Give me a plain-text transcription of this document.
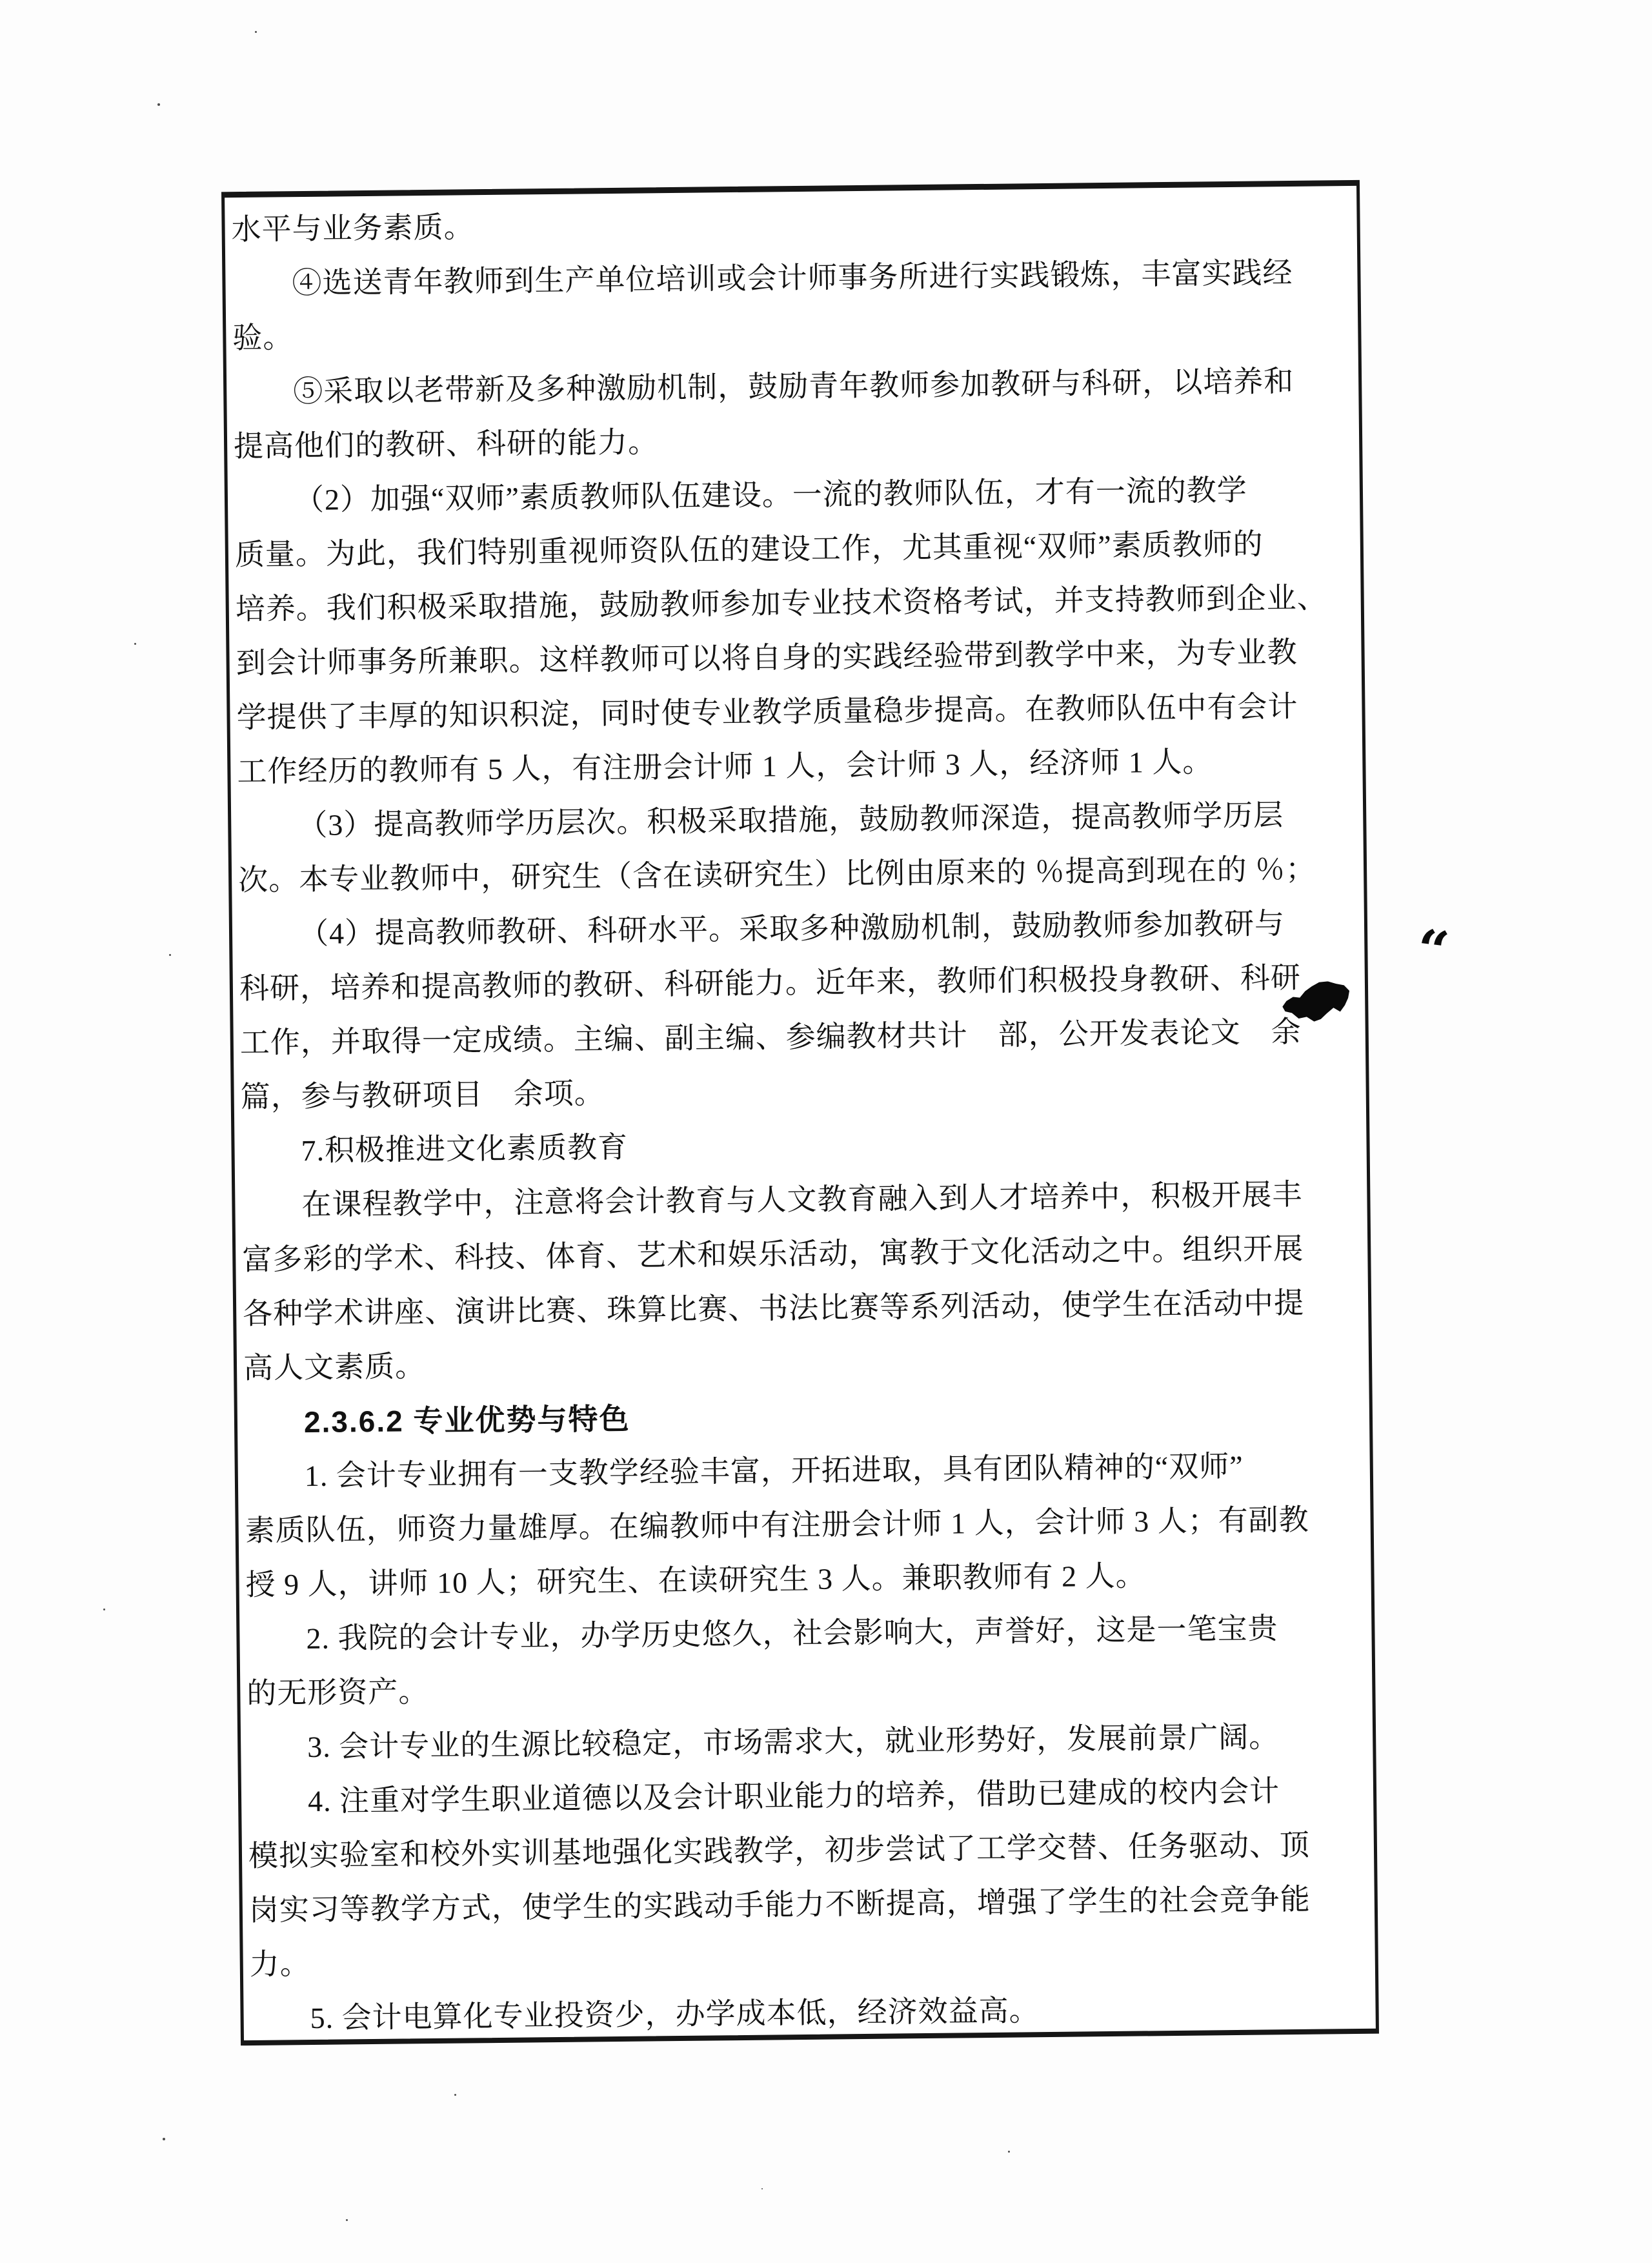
水平与业务素质。
④选送青年教师到生产单位培训或会计师事务所进行实践锻炼，丰富实践经
验。
⑤采取以老带新及多种激励机制，鼓励青年教师参加教研与科研，以培养和
提高他们的教研、科研的能力。
（2）加强“双师”素质教师队伍建设。一流的教师队伍，才有一流的教学
质量。为此，我们特别重视师资队伍的建设工作，尤其重视“双师”素质教师的
培养。我们积极采取措施，鼓励教师参加专业技术资格考试，并支持教师到企业、
到会计师事务所兼职。这样教师可以将自身的实践经验带到教学中来，为专业教
学提供了丰厚的知识积淀，同时使专业教学质量稳步提高。在教师队伍中有会计
工作经历的教师有 5 人，有注册会计师 1 人，会计师 3 人，经济师 1 人。
（3）提高教师学历层次。积极采取措施，鼓励教师深造，提高教师学历层
次。本专业教师中，研究生（含在读研究生）比例由原来的 ％提高到现在的 ％；
（4）提高教师教研、科研水平。采取多种激励机制，鼓励教师参加教研与
科研，培养和提高教师的教研、科研能力。近年来，教师们积极投身教研、科研
工作，并取得一定成绩。主编、副主编、参编教材共计　部，公开发表论文　余
篇，参与教研项目　余项。
7.积极推进文化素质教育
在课程教学中，注意将会计教育与人文教育融入到人才培养中，积极开展丰
富多彩的学术、科技、体育、艺术和娱乐活动，寓教于文化活动之中。组织开展
各种学术讲座、演讲比赛、珠算比赛、书法比赛等系列活动，使学生在活动中提
高人文素质。
2.3.6.2 专业优势与特色
1. 会计专业拥有一支教学经验丰富，开拓进取，具有团队精神的“双师”
素质队伍，师资力量雄厚。在编教师中有注册会计师 1 人，会计师 3 人；有副教
授 9 人，讲师 10 人；研究生、在读研究生 3 人。兼职教师有 2 人。
2. 我院的会计专业，办学历史悠久，社会影响大，声誉好，这是一笔宝贵
的无形资产。
3. 会计专业的生源比较稳定，市场需求大，就业形势好，发展前景广阔。
4. 注重对学生职业道德以及会计职业能力的培养，借助已建成的校内会计
模拟实验室和校外实训基地强化实践教学，初步尝试了工学交替、任务驱动、顶
岗实习等教学方式，使学生的实践动手能力不断提高，增强了学生的社会竞争能
力。
5. 会计电算化专业投资少，办学成本低，经济效益高。
ʻʻ
